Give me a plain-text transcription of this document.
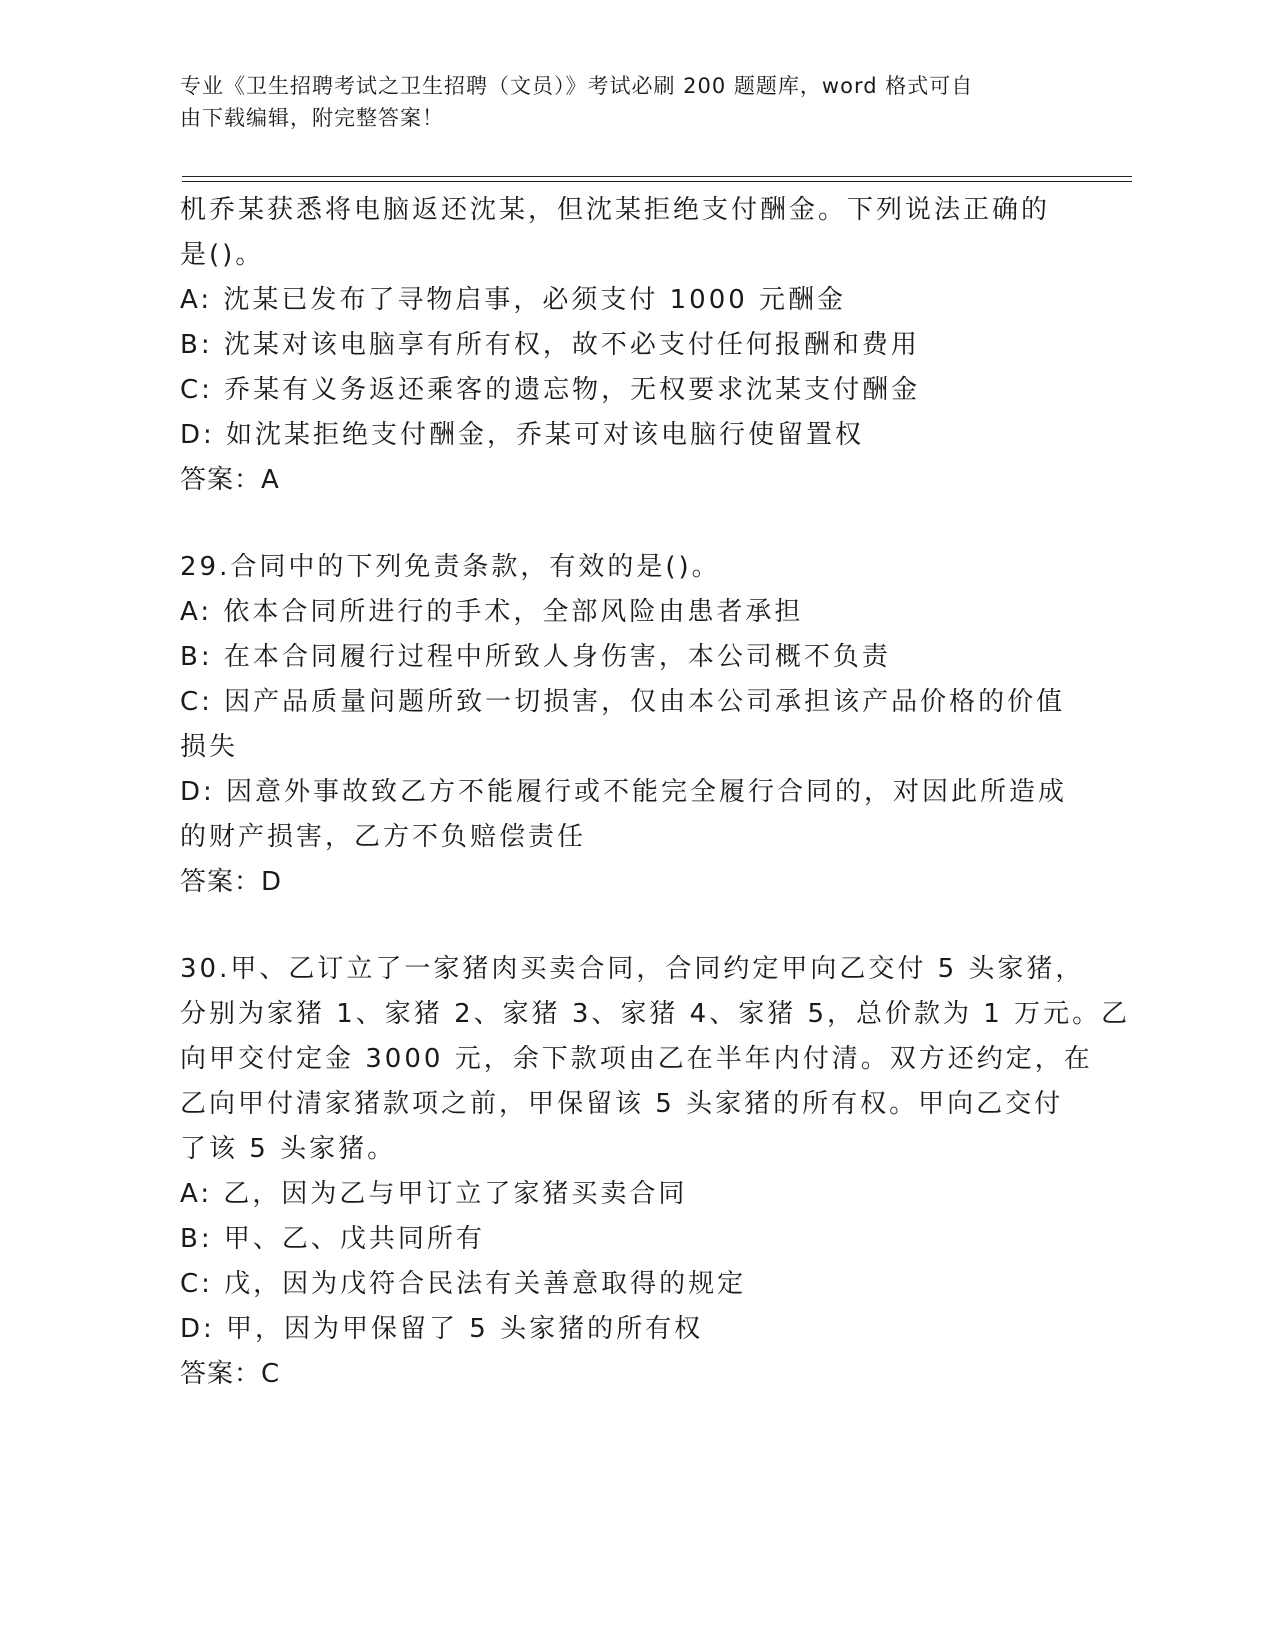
专业《卫生招聘考试之卫生招聘（文员）》考试必刷 200 题题库，word 格式可自
由下载编辑，附完整答案！

机乔某获悉将电脑返还沈某，但沈某拒绝支付酬金。下列说法正确的

是()。

A: 沈某已发布了寻物启事，必须支付 1000 元酬金

B: 沈某对该电脑享有所有权，故不必支付任何报酬和费用

C: 乔某有义务返还乘客的遗忘物，无权要求沈某支付酬金

D: 如沈某拒绝支付酬金，乔某可对该电脑行使留置权

答案：A

29.合同中的下列免责条款，有效的是()。

A: 依本合同所进行的手术，全部风险由患者承担

B: 在本合同履行过程中所致人身伤害，本公司概不负责

C: 因产品质量问题所致一切损害，仅由本公司承担该产品价格的价值

损失

D: 因意外事故致乙方不能履行或不能完全履行合同的，对因此所造成

的财产损害，乙方不负赔偿责任

答案：D

30.甲、乙订立了一家猪肉买卖合同，合同约定甲向乙交付 5 头家猪，

分别为家猪 1、家猪 2、家猪 3、家猪 4、家猪 5，总价款为 1 万元。乙

向甲交付定金 3000 元，余下款项由乙在半年内付清。双方还约定，在

乙向甲付清家猪款项之前，甲保留该 5 头家猪的所有权。甲向乙交付

了该 5 头家猪。

A: 乙，因为乙与甲订立了家猪买卖合同

B: 甲、乙、戊共同所有

C: 戊，因为戊符合民法有关善意取得的规定

D: 甲，因为甲保留了 5 头家猪的所有权

答案：C
